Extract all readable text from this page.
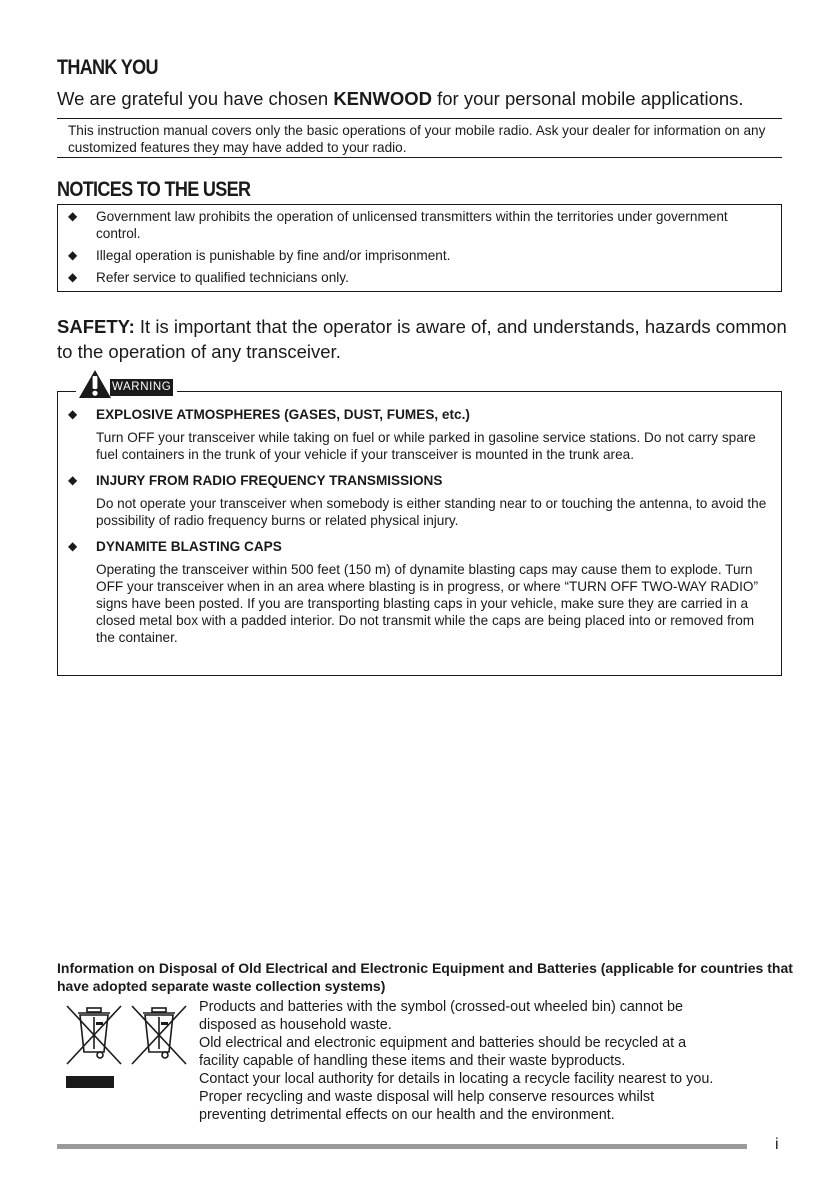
THANK YOU

We are grateful you have chosen KENWOOD for your personal mobile applications.

This instruction manual covers only the basic operations of your mobile radio. Ask your dealer for information on any customized features they may have added to your radio.
NOTICES TO THE USER
◆	Government law prohibits the operation of unlicensed transmitters within the territories under government control.
◆	Illegal operation is punishable by fine and/or imprisonment.
◆	Refer service to qualified technicians only.

SAFETY: It is important that the operator is aware of, and understands, hazards common to the operation of any transceiver.

◆	EXPLOSIVE ATMOSPHERES (GASES, DUST, FUMES, etc.)
Turn OFF your transceiver while taking on fuel or while parked in gasoline service stations. Do not carry spare fuel containers in the trunk of your vehicle if your transceiver is mounted in the trunk area.
◆	INJURY FROM RADIO FREQUENCY TRANSMISSIONS
Do not operate your transceiver when somebody is either standing near to or touching the antenna, to avoid the possibility of radio frequency burns or related physical injury.
◆	DYNAMITE BLASTING CAPS
Operating the transceiver within 500 feet (150 m) of dynamite blasting caps may cause them to explode. Turn OFF your transceiver when in an area where blasting is in progress, or where “TURN OFF TWO-WAY RADIO” signs have been posted. If you are transporting blasting caps in your vehicle, make sure they are carried in a closed metal box with a padded interior. Do not transmit while the caps are being placed into or removed from the container.
WARNING

Information on Disposal of Old Electrical and Electronic Equipment and Batteries (applicable for countries that have adopted separate waste collection systems)

Products and batteries with the symbol (crossed-out wheeled bin) cannot be
disposed as household waste.
Old electrical and electronic equipment and batteries should be recycled at a
facility capable of handling these items and their waste byproducts.
Contact your local authority for details in locating a recycle facility nearest to you.
Proper recycling and waste disposal will help conserve resources whilst
preventing detrimental effects on our health and the environment.

i
